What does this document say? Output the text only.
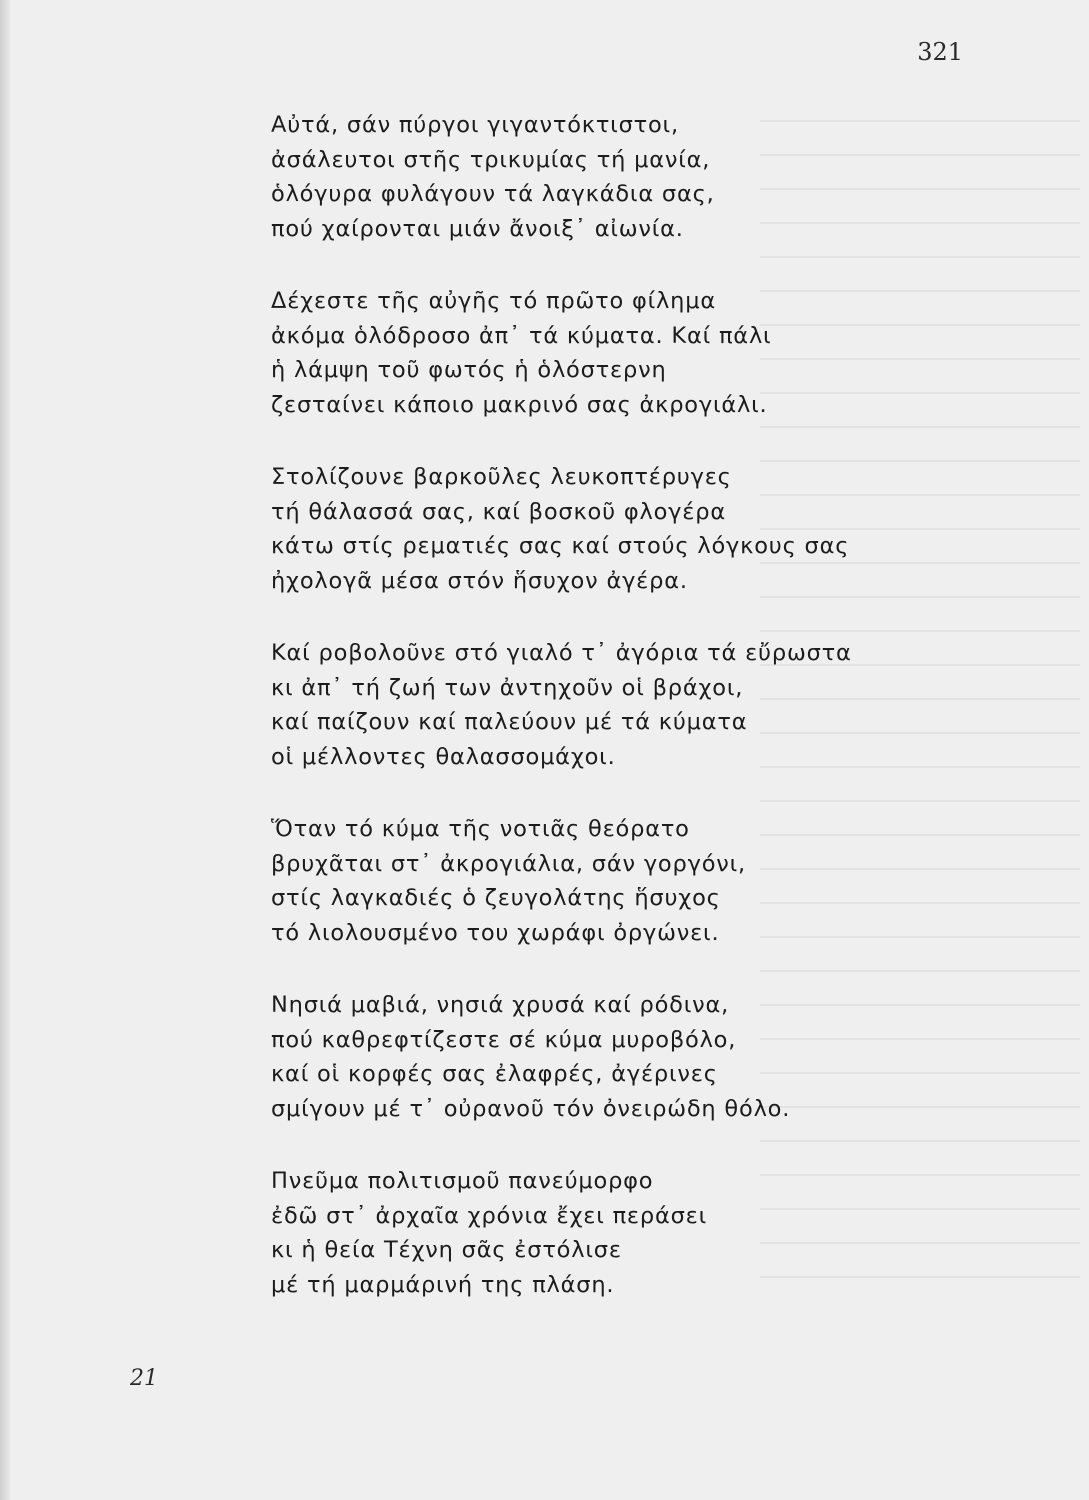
321
Αὐτά, σάν πύργοι γιγαντόκτιστοι,
ἀσάλευτοι στῆς τρικυμίας τή μανία,
ὁλόγυρα φυλάγουν τά λαγκάδια σας,
πού χαίρονται μιάν ἄνοιξ᾽ αἰωνία.
Δέχεστε τῆς αὐγῆς τό πρῶτο φίλημα
ἀκόμα ὁλόδροσο ἀπ᾽ τά κύματα. Καί πάλι
ἡ λάμψη τοῦ φωτός ἡ ὁλόστερνη
ζεσταίνει κάποιο μακρινό σας ἀκρογιάλι.
Στολίζουνε βαρκοῦλες λευκοπτέρυγες
τή θάλασσά σας, καί βοσκοῦ φλογέρα
κάτω στίς ρεματιές σας καί στούς λόγκους σας
ἠχολογᾶ μέσα στόν ἥσυχον ἀγέρα.
Καί ροβολοῦνε στό γιαλό τ᾽ ἀγόρια τά εὔρωστα
κι ἀπ᾽ τή ζωή των ἀντηχοῦν οἱ βράχοι,
καί παίζουν καί παλεύουν μέ τά κύματα
οἱ μέλλοντες θαλασσομάχοι.
Ὅταν τό κύμα τῆς νοτιᾶς θεόρατο
βρυχᾶται στ᾽ ἀκρογιάλια, σάν γοργόνι,
στίς λαγκαδιές ὁ ζευγολάτης ἥσυχος
τό λιολουσμένο του χωράφι ὀργώνει.
Νησιά μαβιά, νησιά χρυσά καί ρόδινα,
πού καθρεφτίζεστε σέ κύμα μυροβόλο,
καί οἱ κορφές σας ἐλαφρές, ἀγέρινες
σμίγουν μέ τ᾽ οὐρανοῦ τόν ὀνειρώδη θόλο.
Πνεῦμα πολιτισμοῦ πανεύμορφο
ἐδῶ στ᾽ ἀρχαῖα χρόνια ἔχει περάσει
κι ἡ θεία Τέχνη σᾶς ἐστόλισε
μέ τή μαρμάρινή της πλάση.
21
